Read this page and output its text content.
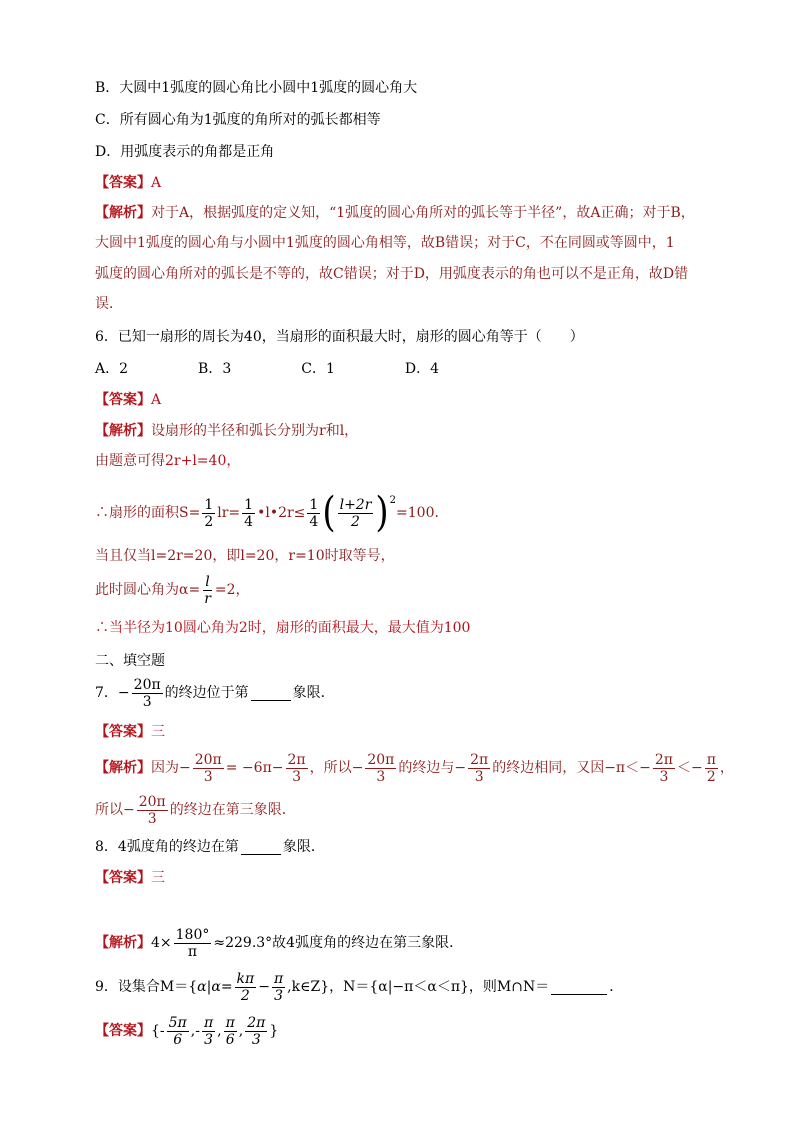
B．大圆中1弧度的圆心角比小圆中1弧度的圆心角大
C．所有圆心角为1弧度的角所对的弧长都相等
D．用弧度表示的角都是正角
【答案】 A
【解析】 对于A，根据弧度的定义知，“1弧度的圆心角所对的弧长等于半径”，故A正确；对于B，
大圆中1弧度的圆心角与小圆中1弧度的圆心角相等，故B错误；对于C，不在同圆或等圆中，1
弧度的圆心角所对的弧长是不等的，故C错误；对于D，用弧度表示的角也可以不是正角，故D错
误．
6．已知一扇形的周长为40，当扇形的面积最大时，扇形的圆心角等于（　　）
A．2	B．3	C．1	D．4
【答案】 A
【解析】 设扇形的半径和弧长分别为r和l，
由题意可得 2r+l=40，
∴扇形的面积$S= \frac{1}{2} lr= \frac{1}{4}$ •l•2r≤ $\frac{1}{4}$ ( $\frac{l+2r}{2}$ ) 2
=100．
当且仅当l=2r=20，即l=20，r=10时取等号，
此时圆心角为$\alpha= \frac{l}{r} =2$，
∴当半径为10圆心角为2时，扇形的面积最大，最大值为100
二、填空题
7． − $\frac{20\pi}{3}$ 的终边位于第	象限．
【答案】 三
【解析】 因为 − $\frac{20\pi}{3} = -6\pi- \frac{2\pi}{3}$ ，所以 − $\frac{20\pi}{3}$ 的终边与 − $\frac{2\pi}{3}$ 的终边相同，又因$-\pi< - \frac{2\pi}{3}$ ＜ − $\frac{\pi}{2}$ ，
所以 − $\frac{20\pi}{3}$ 的终边在第三象限．
8．4弧度角的终边在第	象限．
【答案】 三
【解析】 $4\times \frac{180^\circ}{\pi} \approx 229.3^\circ$故4弧度角的终边在第三象限．
9．设集合M＝{ α | $\alpha = \frac{k\pi}{2} - \frac{\pi}{3}$ ,k∈Z}，N＝{α|−π＜α＜π}，则M∩N＝	．
【答案】 {- $\frac{5\pi}{6}$ ,- $\frac{\pi}{3}$ , $\frac{\pi}{6}$ , $\frac{2\pi}{3}$ }
